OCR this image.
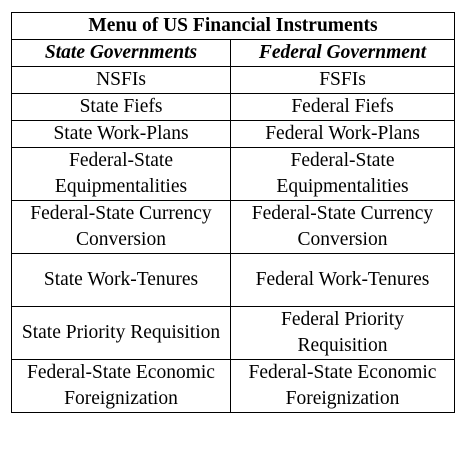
Menu of US Financial Instruments	
State Governments	Federal Government
NSFIs	FSFIs
State Fiefs	Federal Fiefs
State Work-Plans	Federal Work-Plans
Federal-State Equipmentalities	Federal-State Equipmentalities
Federal-State Currency Conversion	Federal-State Currency Conversion
State Work-Tenures	Federal Work-Tenures
State Priority Requisition	Federal Priority Requisition
Federal-State Economic Foreignization	Federal-State Economic Foreignization
